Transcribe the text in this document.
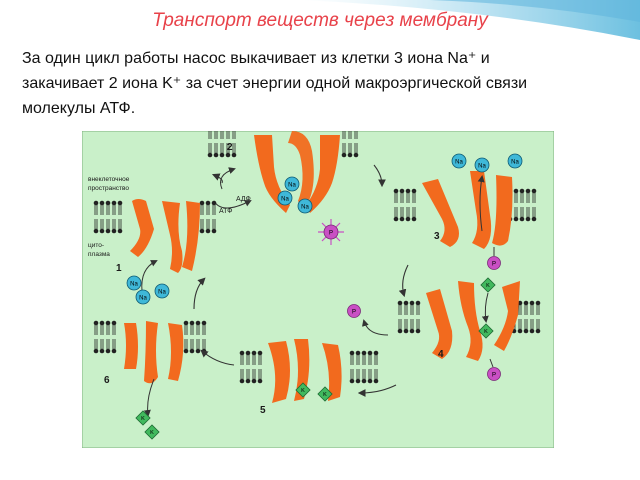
Транспорт веществ через мембрану
За один цикл работы насос выкачивает из клетки 3 иона Na⁺ и
закачивает 2 иона K⁺ за счет энергии одной макроэргической связи
молекулы АТФ.
Na
Na
Na
P
2
АДФ
АТФ
внеклеточное
пространство
цито-
плазма
1
Na
Na
Na
Na
Na
Na
P
3
K
K
P
4
P
K
K
5
6
K
K
